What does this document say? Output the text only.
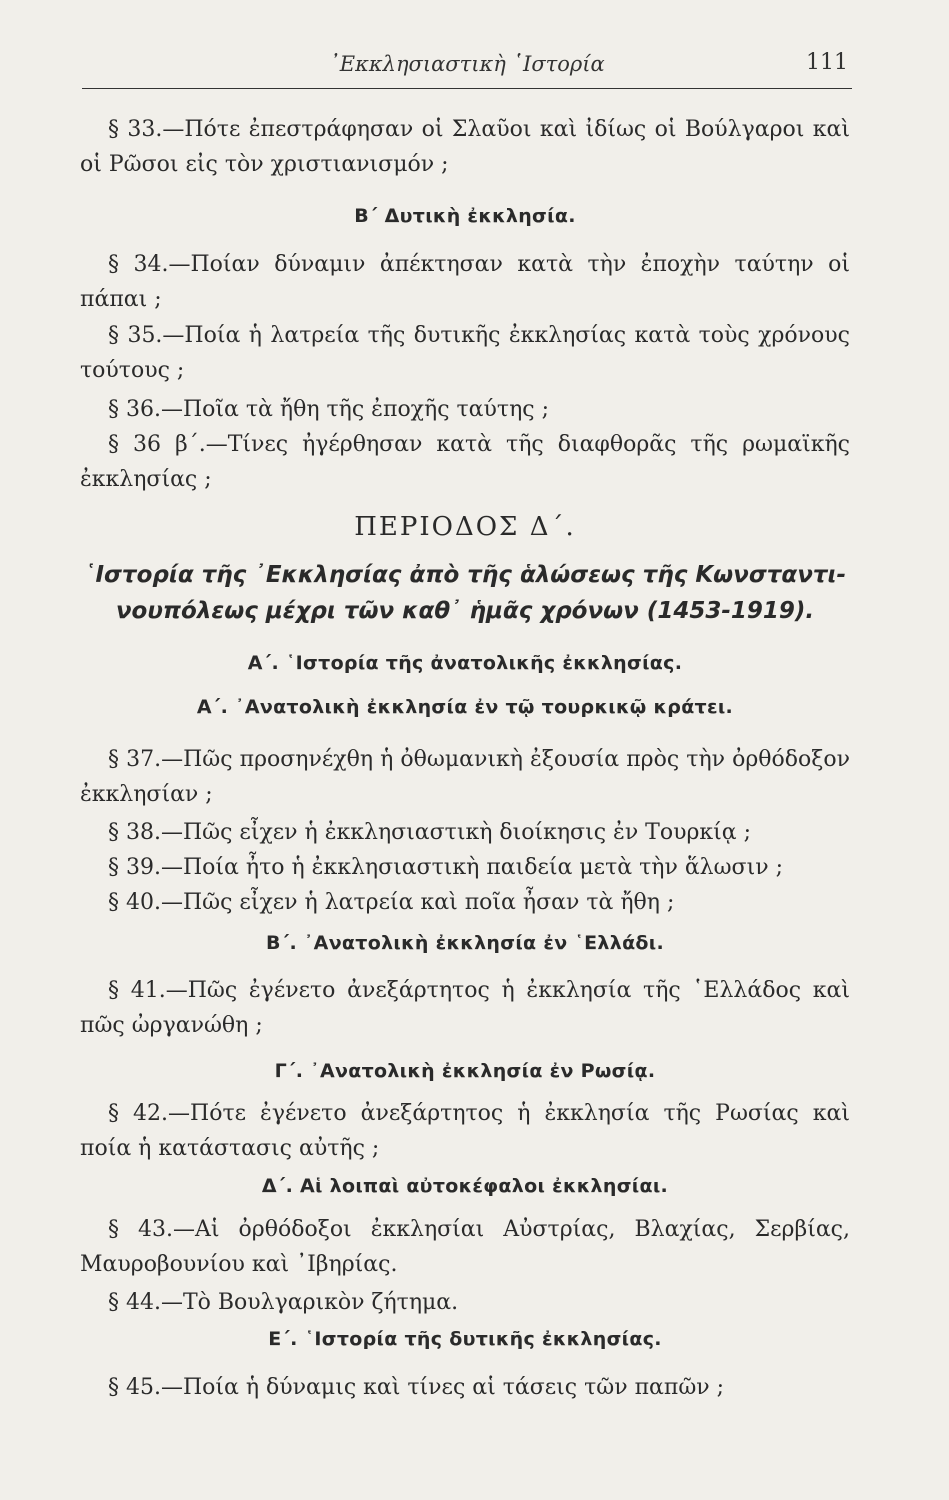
᾽Εκκλησιαστικὴ ῾Ιστορία	111
§ 33.—Πότε ἐπεστράφησαν οἱ Σλαῦοι καὶ ἰδίως οἱ Βούλγαροι καὶ οἱ Ρῶσοι εἰς τὸν χριστιανισμόν ;
Β΄ Δυτικὴ ἐκκλησία.
§ 34.—Ποίαν δύναμιν ἀπέκτησαν κατὰ τὴν ἐποχὴν ταύτην οἱ πάπαι ;
§ 35.—Ποία ἡ λατρεία τῆς δυτικῆς ἐκκλησίας κατὰ τοὺς χρόνους τούτους ;
§ 36.—Ποῖα τὰ ἤθη τῆς ἐποχῆς ταύτης ;
§ 36 β΄.—Τίνες ἠγέρθησαν κατὰ τῆς διαφθορᾶς τῆς ρωμαϊκῆς ἐκκλησίας ;
ΠΕΡΙΟΔΟΣ Δ΄.
῾Ιστορία τῆς ᾽Εκκλησίας ἀπὸ τῆς ἁλώσεως τῆς Κωνσταντι-
νουπόλεως μέχρι τῶν καθ᾽ ἡμᾶς χρόνων (1453-1919).
Α΄. ῾Ιστορία τῆς ἀνατολικῆς ἐκκλησίας.
Α΄. ᾽Ανατολικὴ ἐκκλησία ἐν τῷ τουρκικῷ κράτει.
§ 37.—Πῶς προσηνέχθη ἡ ὀθωμανικὴ ἐξουσία πρὸς τὴν ὀρθόδοξον ἐκκλησίαν ;
§ 38.—Πῶς εἶχεν ἡ ἐκκλησιαστικὴ διοίκησις ἐν Τουρκίᾳ ;
§ 39.—Ποία ἦτο ἡ ἐκκλησιαστικὴ παιδεία μετὰ τὴν ἅλωσιν ;
§ 40.—Πῶς εἶχεν ἡ λατρεία καὶ ποῖα ἦσαν τὰ ἤθη ;
Β΄. ᾽Ανατολικὴ ἐκκλησία ἐν ῾Ελλάδι.
§ 41.—Πῶς ἐγένετο ἀνεξάρτητος ἡ ἐκκλησία τῆς ῾Ελλάδος καὶ πῶς ὠργανώθη ;
Γ΄. ᾽Ανατολικὴ ἐκκλησία ἐν Ρωσίᾳ.
§ 42.—Πότε ἐγένετο ἀνεξάρτητος ἡ ἐκκλησία τῆς Ρωσίας καὶ ποία ἡ κατάστασις αὐτῆς ;
Δ΄. Αἱ λοιπαὶ αὐτοκέφαλοι ἐκκλησίαι.
§ 43.—Αἱ ὀρθόδοξοι ἐκκλησίαι Αὐστρίας, Βλαχίας, Σερβίας, Μαυροβουνίου καὶ ᾽Ιβηρίας.
§ 44.—Τὸ Βουλγαρικὸν ζήτημα.
Ε΄. ῾Ιστορία τῆς δυτικῆς ἐκκλησίας.
§ 45.—Ποία ἡ δύναμις καὶ τίνες αἱ τάσεις τῶν παπῶν ;
